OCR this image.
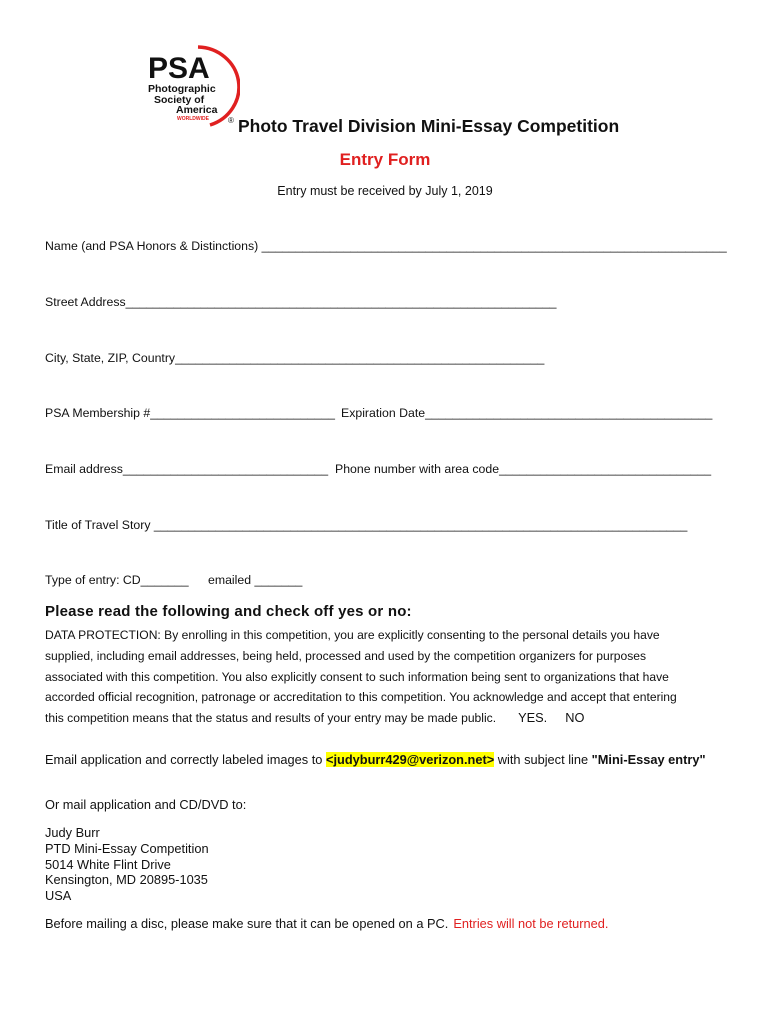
PSA
Photographic
Society of
America
WORLDWIDE ® Photo Travel Division Mini-Essay Competition
Entry Form
Entry must be received by July 1, 2019
Name (and PSA Honors & Distinctions) ____________________________________________________________________
Street Address_______________________________________________________________
City, State, ZIP, Country______________________________________________________
PSA Membership #___________________________ Expiration Date__________________________________________
Email address______________________________ Phone number with area code_______________________________
Title of Travel Story ______________________________________________________________________________
Type of entry: CD_______ emailed _______
Please read the following and check off yes or no:
DATA PROTECTION: By enrolling in this competition, you are explicitly consenting to the personal details you have
supplied, including email addresses, being held, processed and used by the competition organizers for purposes
associated with this competition. You also explicitly consent to such information being sent to organizations that have
accorded official recognition, patronage or accreditation to this competition. You acknowledge and accept that entering
this competition means that the status and results of your entry may be made public. YES. NO
Email application and correctly labeled images to <judyburr429@verizon.net> with subject line "Mini-Essay entry"
Or mail application and CD/DVD to:
Judy Burr
PTD Mini-Essay Competition
5014 White Flint Drive
Kensington, MD 20895-1035
USA
Before mailing a disc, please make sure that it can be opened on a PC. Entries will not be returned.
